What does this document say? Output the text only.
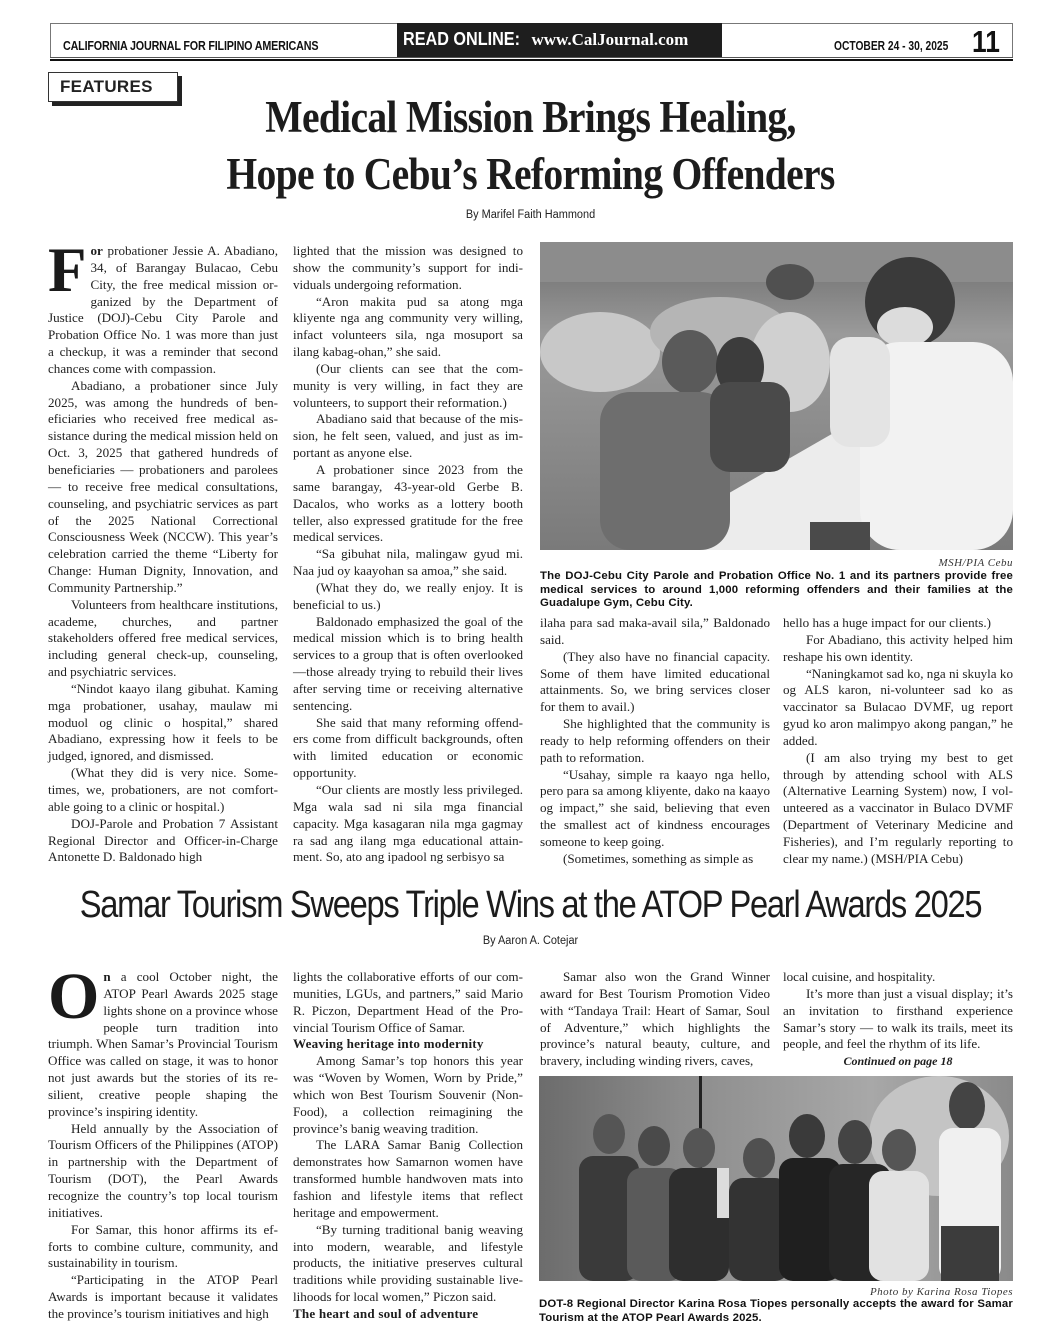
CALIFORNIA JOURNAL FOR FILIPINO AMERICANS	READ ONLINE: www.CalJournal.com	OCTOBER 24 - 30, 2025 11
FEATURES
Medical Mission Brings Healing,
Hope to Cebu’s Reforming Offenders
By Marifel Faith Hammond

For probationer Jessie A. Abadiano, 34, of Barangay Bulacao, Cebu City, the free medical mission organized by the Department of Justice (DOJ)-Cebu City Parole and Probation Office No. 1 was more than just a checkup, it was a reminder that second chances come with compassion.

Abadiano, a probationer since July 2025, was among the hundreds of beneficiaries who received free medical assistance during the medical mission held on Oct. 3, 2025 that gathered hundreds of beneficiaries — probationers and parolees — to receive free medical consultations, counseling, and psychiatric services as part of the 2025 National Correctional Consciousness Week (NCCW). This year’s celebration carried the theme “Liberty for Change: Human Dignity, Innovation, and Community Partnership.”

Volunteers from healthcare institutions, academe, churches, and partner stakeholders offered free medical services, including general check-up, counseling, and psychiatric services.

“Nindot kaayo ilang gibuhat. Kaming mga probationer, usahay, maulaw mi moduol og clinic o hospital,” shared Abadiano, expressing how it feels to be judged, ignored, and dismissed.

(What they did is very nice. Sometimes, we, probationers, are not comfortable going to a clinic or hospital.)

DOJ-Parole and Probation 7 Assistant Regional Director and Officer-in-Charge Antonette D. Baldonado high

lighted that the mission was designed to show the community’s support for individuals undergoing reformation.

“Aron makita pud sa atong mga kliyente nga ang community very willing, infact volunteers sila, nga mosuport sa ilang kabag-ohan,” she said.

(Our clients can see that the community is very willing, in fact they are volunteers, to support their reformation.)

Abadiano said that because of the mission, he felt seen, valued, and just as important as anyone else.

A probationer since 2023 from the same barangay, 43-year-old Gerbe B. Dacalos, who works as a lottery booth teller, also expressed gratitude for the free medical services.

“Sa gibuhat nila, malingaw gyud mi. Naa jud oy kaayohan sa amoa,” she said.

(What they do, we really enjoy. It is beneficial to us.)

Baldonado emphasized the goal of the medical mission which is to bring health services to a group that is often overlooked—those already trying to rebuild their lives after serving time or receiving alternative sentencing.

She said that many reforming offenders come from difficult backgrounds, often with limited education or economic opportunity.

“Our clients are mostly less privileged. Mga wala sad ni sila mga financial capacity. Mga kasagaran nila mga gagmay ra sad ang ilang mga educational attainment. So, ato ang ipadool ng serbisyo sa

MSH/PIA Cebu
The DOJ-Cebu City Parole and Probation Office No. 1 and its partners provide free medical services to around 1,000 reforming offenders and their families at the Guadalupe Gym, Cebu City.

ilaha para sad maka-avail sila,” Baldonado said.

(They also have no financial capacity. Some of them have limited educational attainments. So, we bring services closer for them to avail.)

She highlighted that the community is ready to help reforming offenders on their path to reformation.

“Usahay, simple ra kaayo nga hello, pero para sa among kliyente, dako na kaayo og impact,” she said, believing that even the smallest act of kindness encourages someone to keep going.

(Sometimes, something as simple as

hello has a huge impact for our clients.)

For Abadiano, this activity helped him reshape his own identity.

“Naningkamot sad ko, nga ni skuyla ko og ALS karon, ni-volunteer sad ko as vaccinator sa Bulacao DVMF, ug report gyud ko aron malimpyo akong pangan,” he added.

(I am also trying my best to get through by attending school with ALS (Alternative Learning System) now, I volunteered as a vaccinator in Bulaco DVMF (Department of Veterinary Medicine and Fisheries), and I’m regularly reporting to clear my name.) (MSH/PIA Cebu)

Samar Tourism Sweeps Triple Wins at the ATOP Pearl Awards 2025
By Aaron A. Cotejar

On a cool October night, the ATOP Pearl Awards 2025 stage lights shone on a province whose people turn tradition into triumph. When Samar’s Provincial Tourism Office was called on stage, it was to honor not just awards but the stories of its resilient, creative people shaping the province’s inspiring identity.

Held annually by the Association of Tourism Officers of the Philippines (ATOP) in partnership with the Department of Tourism (DOT), the Pearl Awards recognize the country’s top local tourism initiatives.

For Samar, this honor affirms its efforts to combine culture, community, and sustainability in tourism.

“Participating in the ATOP Pearl Awards is important because it validates the province’s tourism initiatives and high

lights the collaborative efforts of our communities, LGUs, and partners,” said Mario R. Piczon, Department Head of the Provincial Tourism Office of Samar.

Weaving heritage into modernity

Among Samar’s top honors this year was “Woven by Women, Worn by Pride,” which won Best Tourism Souvenir (Non-Food), a collection reimagining the province’s banig weaving tradition.

The LARA Samar Banig Collection demonstrates how Samarnon women have transformed humble handwoven mats into fashion and lifestyle items that reflect heritage and empowerment.

“By turning traditional banig weaving into modern, wearable, and lifestyle products, the initiative preserves cultural traditions while providing sustainable livelihoods for local women,” Piczon said.

The heart and soul of adventure

Samar also won the Grand Winner award for Best Tourism Promotion Video with “Tandaya Trail: Heart of Samar, Soul of Adventure,” which highlights the province’s natural beauty, culture, and bravery, including winding rivers, caves,

local cuisine, and hospitality.

It’s more than just a visual display; it’s an invitation to firsthand experience Samar’s story — to walk its trails, meet its people, and feel the rhythm of its life.

Continued on page 18

Photo by Karina Rosa Tiopes
DOT-8 Regional Director Karina Rosa Tiopes personally accepts the award for Samar Tourism at the ATOP Pearl Awards 2025.
